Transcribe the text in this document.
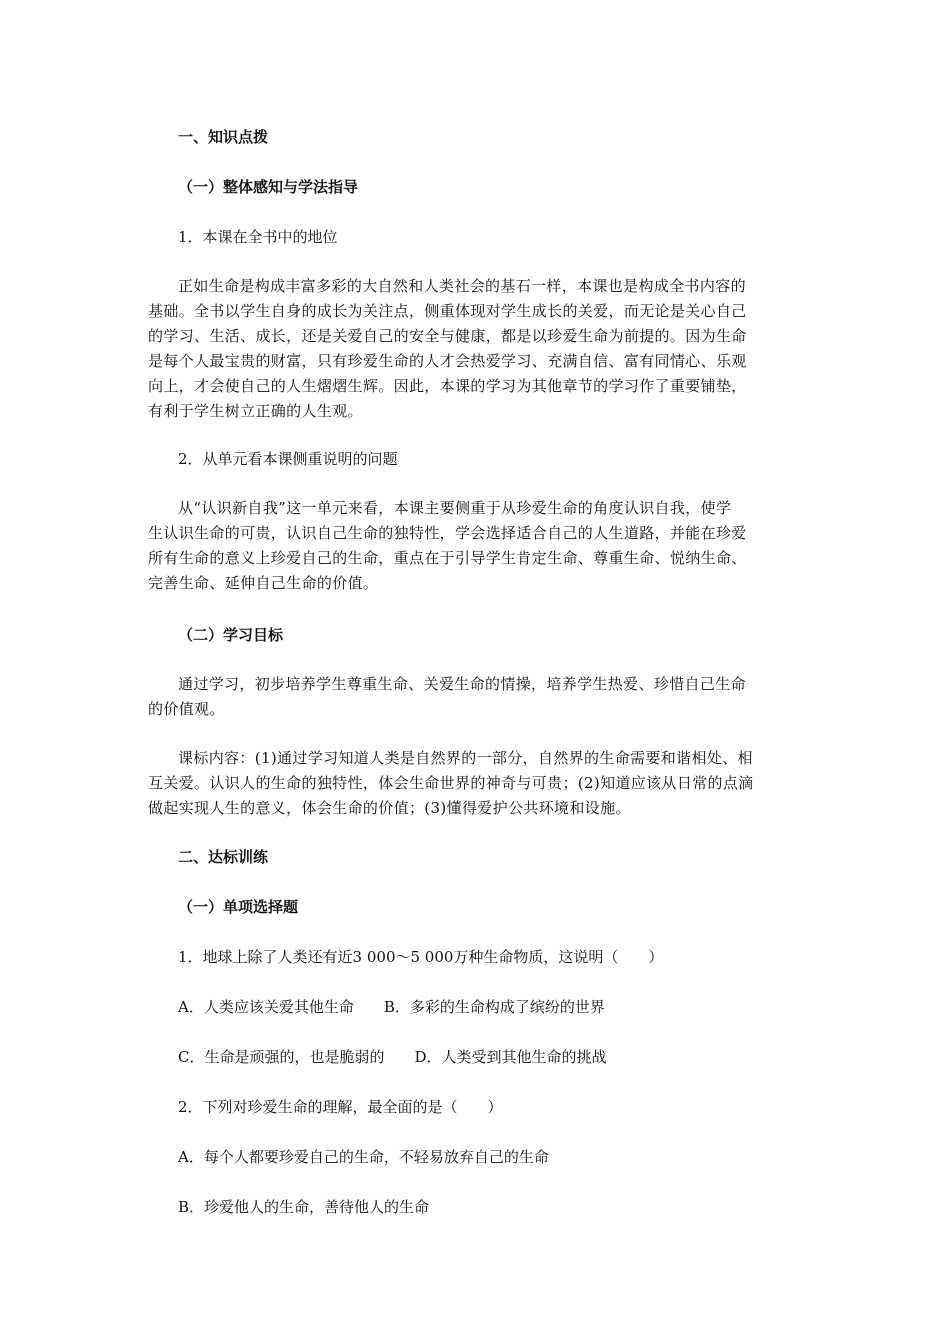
一、知识点拨

（一）整体感知与学法指导

1．本课在全书中的地位

正如生命是构成丰富多彩的大自然和人类社会的基石一样，本课也是构成全书内容的
基础。全书以学生自身的成长为关注点，侧重体现对学生成长的关爱，而无论是关心自己
的学习、生活、成长，还是关爱自己的安全与健康，都是以珍爱生命为前提的。因为生命
是每个人最宝贵的财富，只有珍爱生命的人才会热爱学习、充满自信、富有同情心、乐观
向上，才会使自己的人生熠熠生辉。因此，本课的学习为其他章节的学习作了重要铺垫，
有利于学生树立正确的人生观。

2．从单元看本课侧重说明的问题

从“认识新自我”这一单元来看，本课主要侧重于从珍爱生命的角度认识自我，使学
生认识生命的可贵，认识自己生命的独特性，学会选择适合自己的人生道路，并能在珍爱
所有生命的意义上珍爱自己的生命，重点在于引导学生肯定生命、尊重生命、悦纳生命、
完善生命、延伸自己生命的价值。

（二）学习目标

通过学习，初步培养学生尊重生命、关爱生命的情操，培养学生热爱、珍惜自己生命
的价值观。
课标内容：(1)通过学习知道人类是自然界的一部分，自然界的生命需要和谐相处、相
互关爱。认识人的生命的独特性，体会生命世界的神奇与可贵；(2)知道应该从日常的点滴
做起实现人生的意义，体会生命的价值；(3)懂得爱护公共环境和设施。

二、达标训练

（一）单项选择题

1．地球上除了人类还有近3 000～5 000万种生命物质，这说明（　　）

A．人类应该关爱其他生命　　B．多彩的生命构成了缤纷的世界

C．生命是顽强的，也是脆弱的　　D．人类受到其他生命的挑战

2．下列对珍爱生命的理解，最全面的是（　　）

A．每个人都要珍爱自己的生命，不轻易放弃自己的生命

B．珍爱他人的生命，善待他人的生命
